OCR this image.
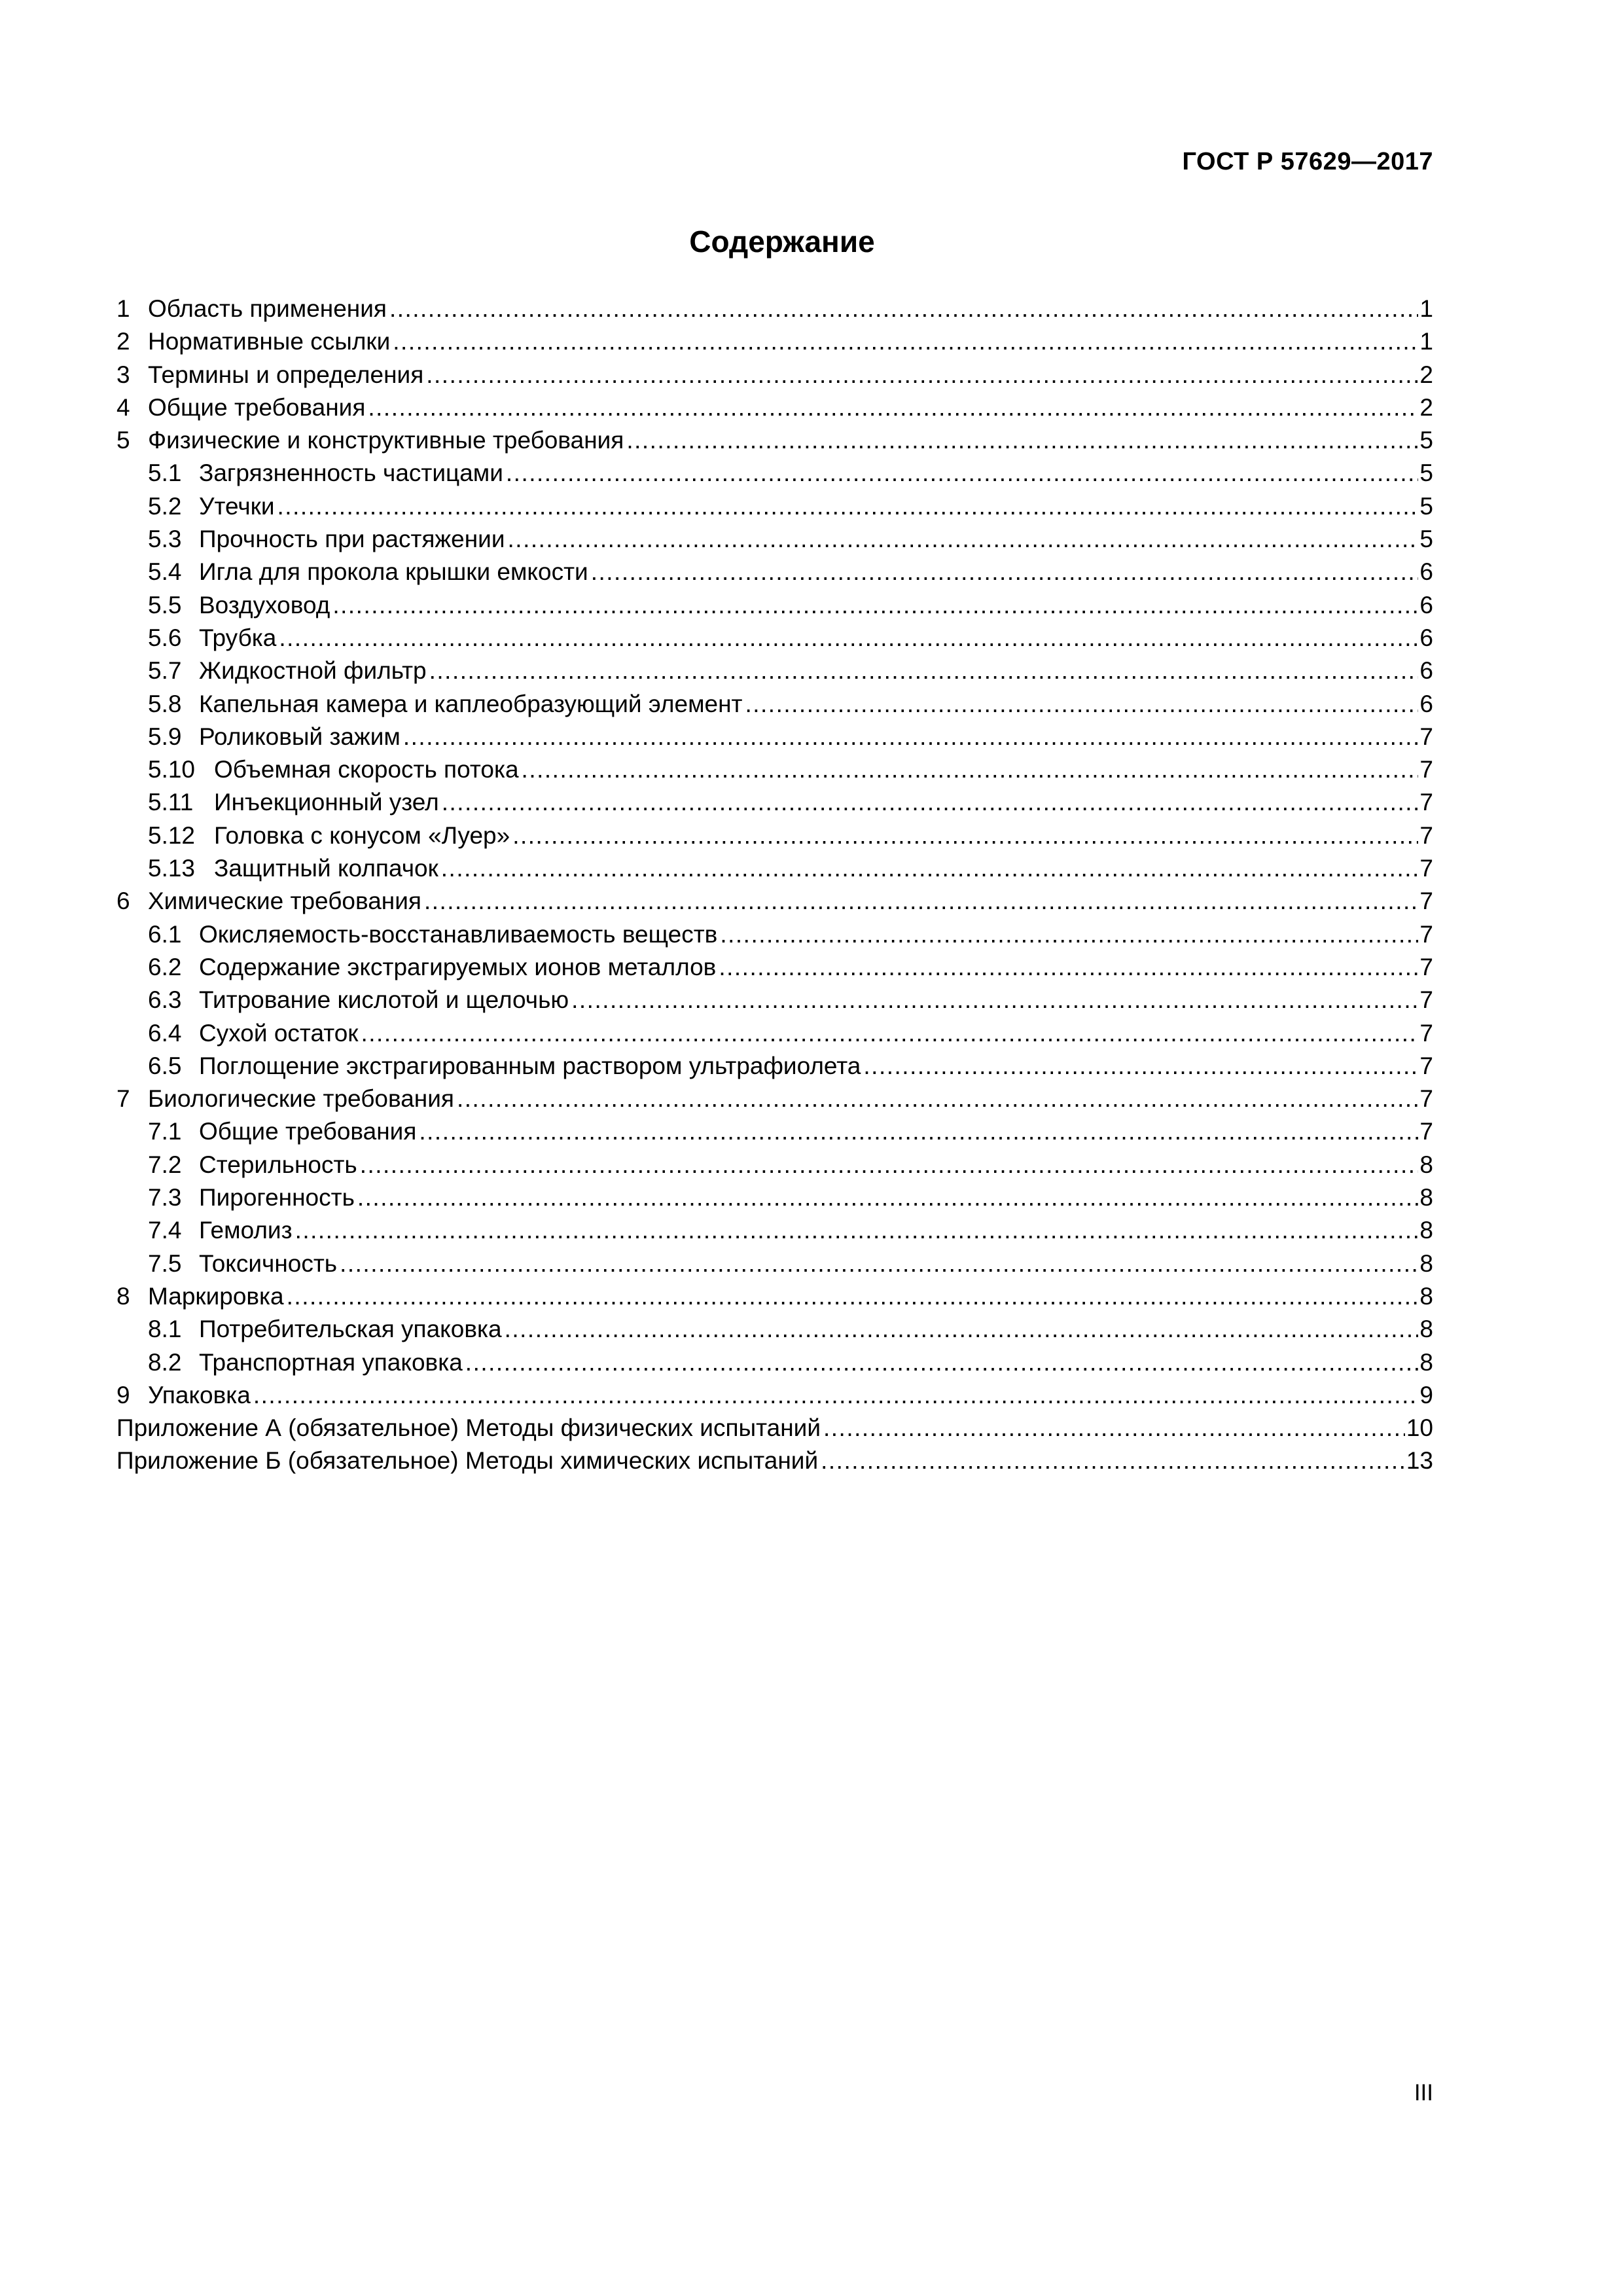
ГОСТ Р 57629—2017
Содержание
1 Область применения .....	1
2 Нормативные ссылки .....	1
3 Термины и определения .....	2
4 Общие требования .....	2
5 Физические и конструктивные требования .....	5
5.1 Загрязненность частицами .....	5
5.2 Утечки .....	5
5.3 Прочность при растяжении .....	5
5.4 Игла для прокола крышки емкости .....	6
5.5 Воздуховод .....	6
5.6 Трубка .....	6
5.7 Жидкостной фильтр .....	6
5.8 Капельная камера и каплеобразующий элемент .....	6
5.9 Роликовый зажим .....	7
5.10 Объемная скорость потока .....	7
5.11 Инъекционный узел .....	7
5.12 Головка с конусом «Луер» .....	7
5.13 Защитный колпачок .....	7
6 Химические требования .....	7
6.1 Окисляемость-восстанавливаемость веществ .....	7
6.2 Содержание экстрагируемых ионов металлов .....	7
6.3 Титрование кислотой и щелочью .....	7
6.4 Сухой остаток .....	7
6.5 Поглощение экстрагированным раствором ультрафиолета .....	7
7 Биологические требования .....	7
7.1 Общие требования .....	7
7.2 Стерильность .....	8
7.3 Пирогенность .....	8
7.4 Гемолиз .....	8
7.5 Токсичность .....	8
8 Маркировка .....	8
8.1 Потребительская упаковка .....	8
8.2 Транспортная упаковка .....	8
9 Упаковка .....	9
Приложение А (обязательное) Методы физических испытаний .....	10
Приложение Б (обязательное) Методы химических испытаний .....	13
III
